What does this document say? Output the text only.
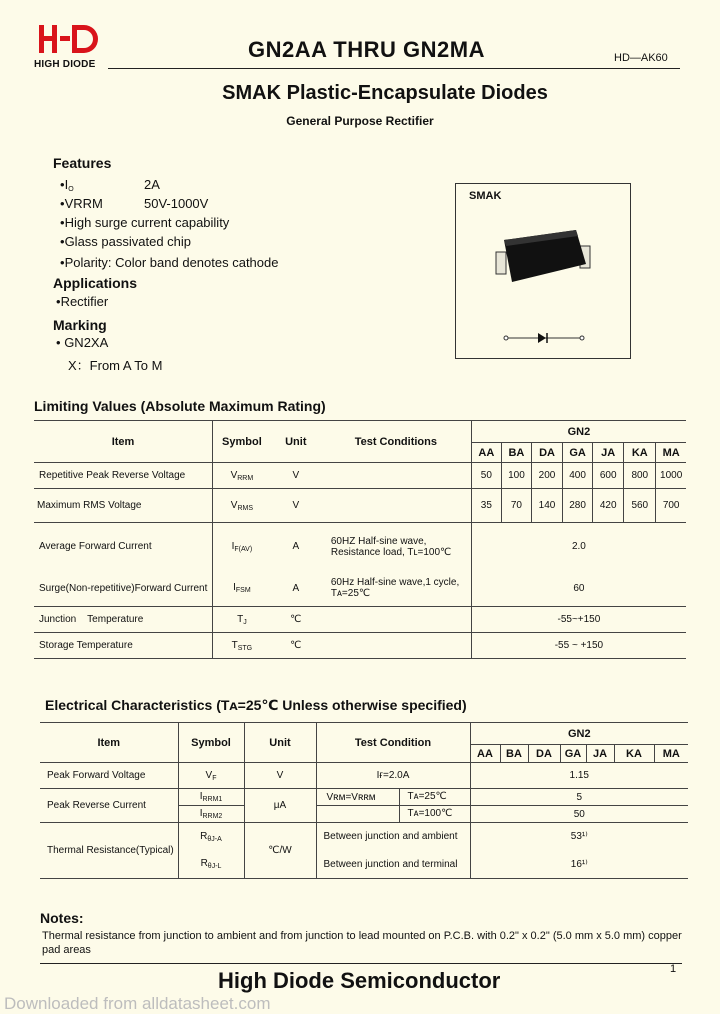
HIGH DIODE
GN2AA THRU GN2MA	HD—AK60
SMAK Plastic-Encapsulate Diodes
General Purpose Rectifier
Features
$•I_O$	2A
•VRRM	50V-1000V
•High surge current capability
•Glass passivated chip
•Polarity: Color band denotes cathode
Applications
•Rectifier
Marking
• GN2XA
X：From A To M
SMAK
Limiting Values (Absolute Maximum Rating)
Item	Symbol	Unit	Test Conditions	GN2						
				AA	BA	DA	GA	JA	KA	MA
Repetitive Peak Reverse Voltage	$V_{RRM}$	V		50	100	200	400	600	800	1000
Maximum RMS Voltage	$V_{RMS}$	V		35	70	140	280	420	560	700
Average Forward Current	$I_{F(AV)}$	A	60HZ Half-sine wave, Resistance load, Tʟ=100℃	2.0						
Surge(Non-repetitive)Forward Current	$I_{FSM}$	A	60Hz Half-sine wave,1 cycle, Tᴀ=25℃	60						
Junction    Temperature	$T_J$	℃		-55~+150						
Storage Temperature	$T_{STG}$	℃		-55 ~ +150						
Electrical Characteristics (Tᴀ=25℃ Unless otherwise specified)
Item	Symbol	Unit	Test Condition	GN2						
				AA	BA	DA	GA	JA	KA	MA
Peak Forward Voltage	$V_F$	V	Iғ=2.0A	1.15						
Peak Reverse Current	$I_{RRM1}$	μA	Vʀᴍ=Vʀʀᴍ Tᴀ=25℃	5						
	$I_{RRM2}$		Tᴀ=100℃	50						
Thermal Resistance(Typical)	$R_{\theta J-A}$	℃/W	Between junction and ambient	53¹⁾						
	$R_{\theta J-L}$		Between junction and terminal	16¹⁾						
Notes:
Thermal resistance from junction to ambient and from junction to lead mounted on P.C.B. with 0.2" x 0.2" (5.0 mm x 5.0 mm) copper pad areas
High Diode Semiconductor	1
Downloaded from alldatasheet.com
